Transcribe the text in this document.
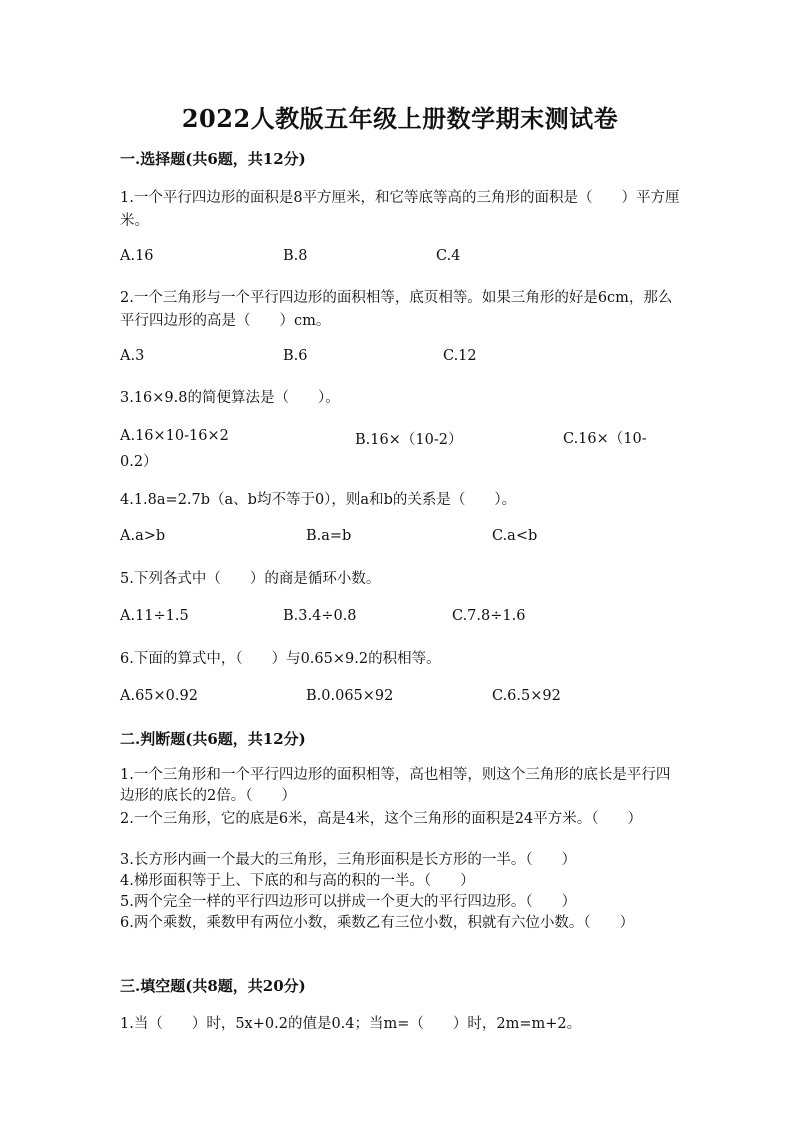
2022人教版五年级上册数学期末测试卷
一.选择题(共6题，共12分)
1.一个平行四边形的面积是8平方厘米，和它等底等高的三角形的面积是（　　）平方厘米。
A.16	B.8	C.4
2.一个三角形与一个平行四边形的面积相等，底页相等。如果三角形的好是6cm，那么平行四边形的高是（　　）cm。
A.3	B.6	C.12
3.16×9.8的简便算法是（　　）。
A.16×10-16×2	B.16×（10-2）	C.16×（10-0.2）
4.1.8a=2.7b（a、b均不等于0），则a和b的关系是（　　）。
A.a>b	B.a=b	C.a<b
5.下列各式中（　　）的商是循环小数。
A.11÷1.5	B.3.4÷0.8	C.7.8÷1.6
6.下面的算式中，（　　）与0.65×9.2的积相等。
A.65×0.92	B.0.065×92	C.6.5×92
二.判断题(共6题，共12分)
1.一个三角形和一个平行四边形的面积相等，高也相等，则这个三角形的底长是平行四边形的底长的2倍。（　　）
2.一个三角形，它的底是6米，高是4米，这个三角形的面积是24平方米。（　　）
3.长方形内画一个最大的三角形，三角形面积是长方形的一半。（　　）
4.梯形面积等于上、下底的和与高的积的一半。（　　）
5.两个完全一样的平行四边形可以拼成一个更大的平行四边形。（　　）
6.两个乘数，乘数甲有两位小数，乘数乙有三位小数，积就有六位小数。（　　）
三.填空题(共8题，共20分)
1.当（　　）时，5x+0.2的值是0.4；当m=（　　）时，2m=m+2。
